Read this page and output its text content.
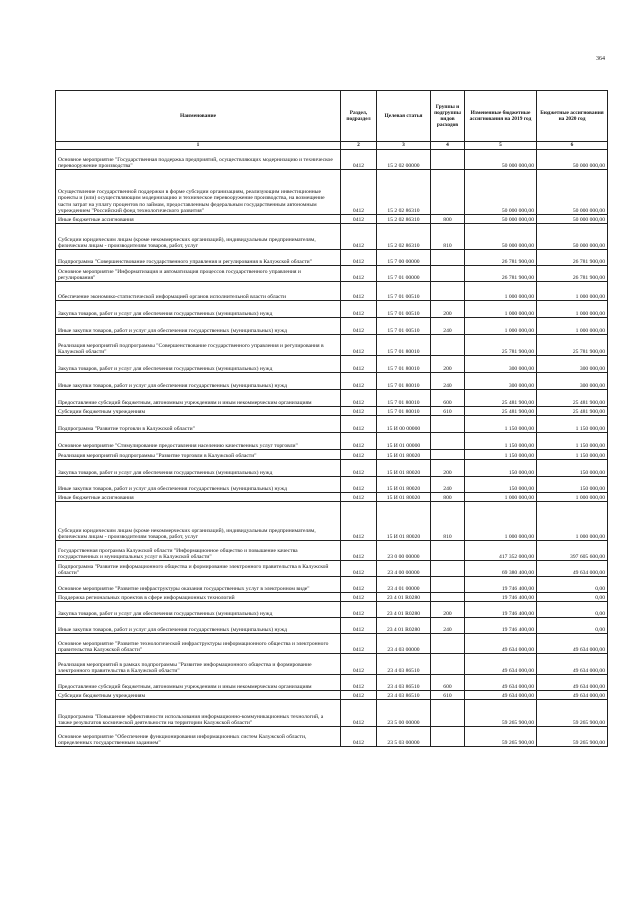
364
Наименование	Раздел, подраздел	Целевая статья	Группы и подгруппы видов расходов	Измененные бюджетные ассигнования на 2019 год	Бюджетные ассигнования на 2020 год
1	2	3	4	5	6
Основное мероприятие "Государственная поддержка предприятий, осуществляющих модернизацию и техническое перевооружение производства"	0412	15 2 02 00000		50 000 000,00	50 000 000,00
Осуществление государственной поддержки в форме субсидии организациям, реализующим инвестиционные проекты и (или) осуществляющим модернизацию и техническое перевооружение производства, на возмещение части затрат на уплату процентов по займам, предоставленным федеральным государственным автономным учреждением "Российский фонд технологического развития"	0412	15 2 02 86310		50 000 000,00	50 000 000,00
Иные бюджетные ассигнования	0412	15 2 02 86310	800	50 000 000,00	50 000 000,00
Субсидии юридическим лицам (кроме некоммерческих организаций), индивидуальным предпринимателям, физическим лицам - производителям товаров, работ, услуг	0412	15 2 02 86310	810	50 000 000,00	50 000 000,00
Подпрограмма "Совершенствование государственного управления и регулирования в Калужской области"	0412	15 7 00 00000		26 781 900,00	26 781 900,00
Основное мероприятие "Информатизация и автоматизация процессов государственного управления и регулирования"	0412	15 7 01 00000		26 781 900,00	26 781 900,00
Обеспечение экономико-статистической информацией органов исполнительной власти области	0412	15 7 01 00510		1 000 000,00	1 000 000,00
Закупка товаров, работ и услуг для обеспечения государственных (муниципальных) нужд	0412	15 7 01 00510	200	1 000 000,00	1 000 000,00
Иные закупки товаров, работ и услуг для обеспечения государственных (муниципальных) нужд	0412	15 7 01 00510	240	1 000 000,00	1 000 000,00
Реализация мероприятий подпрограммы "Совершенствование государственного управления и регулирования в Калужской области"	0412	15 7 01 80010		25 781 900,00	25 781 900,00
Закупка товаров, работ и услуг для обеспечения государственных (муниципальных) нужд	0412	15 7 01 80010	200	300 000,00	300 000,00
Иные закупки товаров, работ и услуг для обеспечения государственных (муниципальных) нужд	0412	15 7 01 80010	240	300 000,00	300 000,00
Предоставление субсидий бюджетным, автономным учреждениям и иным некоммерческим организациям	0412	15 7 01 80010	600	25 481 900,00	25 481 900,00
Субсидии бюджетным учреждениям	0412	15 7 01 80010	610	25 481 900,00	25 481 900,00
Подпрограмма "Развитие торговли в Калужской области"	0412	15 И 00 00000		1 150 000,00	1 150 000,00
Основное мероприятие "Стимулирование предоставления населению качественных услуг торговли"	0412	15 И 01 00000		1 150 000,00	1 150 000,00
Реализация мероприятий подпрограммы "Развитие торговли в Калужской области"	0412	15 И 01 80020		1 150 000,00	1 150 000,00
Закупка товаров, работ и услуг для обеспечения государственных (муниципальных) нужд	0412	15 И 01 80020	200	150 000,00	150 000,00
Иные закупки товаров, работ и услуг для обеспечения государственных (муниципальных) нужд	0412	15 И 01 80020	240	150 000,00	150 000,00
Иные бюджетные ассигнования	0412	15 И 01 80020	800	1 000 000,00	1 000 000,00
Субсидии юридическим лицам (кроме некоммерческих организаций), индивидуальным предпринимателям, физическим лицам - производителям товаров, работ, услуг	0412	15 И 01 80020	810	1 000 000,00	1 000 000,00
Государственная программа Калужской области "Информационное общество и повышение качества государственных и муниципальных услуг в Калужской области"	0412	23 0 00 00000		417 352 000,00	397 605 600,00
Подпрограмма "Развитие информационного общества и формирование электронного правительства в Калужской области"	0412	23 4 00 00000		69 380 400,00	49 634 000,00
Основное мероприятие "Развитие инфраструктуры оказания государственных услуг в электронном виде"	0412	23 4 01 00000		19 746 400,00	0,00
Поддержка региональных проектов в сфере информационных технологий	0412	23 4 01 R0280		19 746 400,00	0,00
Закупка товаров, работ и услуг для обеспечения государственных (муниципальных) нужд	0412	23 4 01 R0280	200	19 746 400,00	0,00
Иные закупки товаров, работ и услуг для обеспечения государственных (муниципальных) нужд	0412	23 4 01 R0280	240	19 746 400,00	0,00
Основное мероприятие "Развитие технологической инфраструктуры информационного общества и электронного правительства Калужской области"	0412	23 4 03 00000		49 634 000,00	49 634 000,00
Реализация мероприятий в рамках подпрограммы "Развитие информационного общества и формирование электронного правительства в Калужской области"	0412	23 4 03 86510		49 634 000,00	49 634 000,00
Предоставление субсидий бюджетным, автономным учреждениям и иным некоммерческим организациям	0412	23 4 03 86510	600	49 634 000,00	49 634 000,00
Субсидии бюджетным учреждениям	0412	23 4 03 86510	610	49 634 000,00	49 634 000,00
Подпрограмма "Повышение эффективности использования информационно-коммуникационных технологий, а также результатов космической деятельности на территории Калужской области"	0412	23 5 00 00000		59 265 900,00	59 265 900,00
Основное мероприятие "Обеспечение функционирования информационных систем Калужской области, определенных государственным заданием"	0412	23 5 03 00000		59 265 900,00	59 265 900,00
